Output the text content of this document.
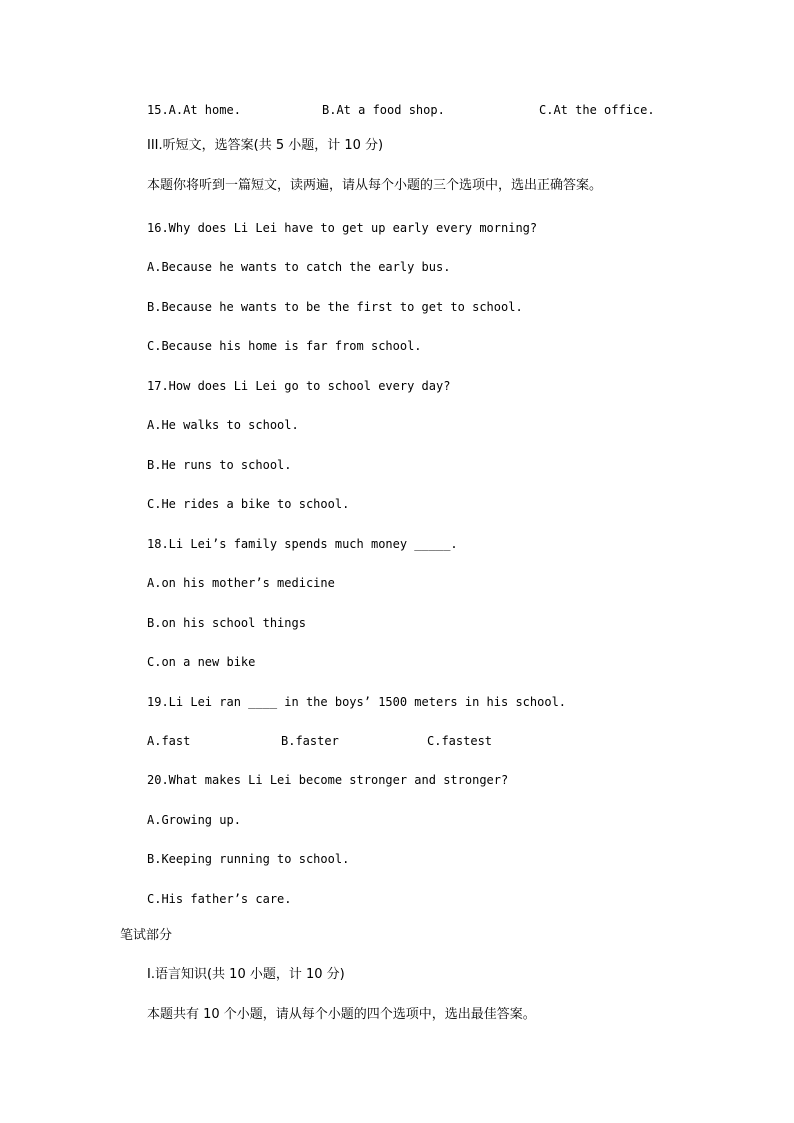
15.A.At home.	B.At a food shop.	C.At the office.

III.听短文，选答案(共 5 小题，计 10 分)

本题你将听到一篇短文，读两遍，请从每个小题的三个选项中，选出正确答案。

16.Why does Li Lei have to get up early every morning?

A.Because he wants to catch the early bus.

B.Because he wants to be the first to get to school.

C.Because his home is far from school.

17.How does Li Lei go to school every day?

A.He walks to school.

B.He runs to school.

C.He rides a bike to school.

18.Li Lei’s family spends much money _____.

A.on his mother’s medicine

B.on his school things

C.on a new bike

19.Li Lei ran ____ in the boys’ 1500 meters in his school.

A.fast	B.faster	C.fastest

20.What makes Li Lei become stronger and stronger?

A.Growing up.

B.Keeping running to school.

C.His father’s care.

笔试部分

I.语言知识(共 10 小题，计 10 分)

本题共有 10 个小题，请从每个小题的四个选项中，选出最佳答案。
